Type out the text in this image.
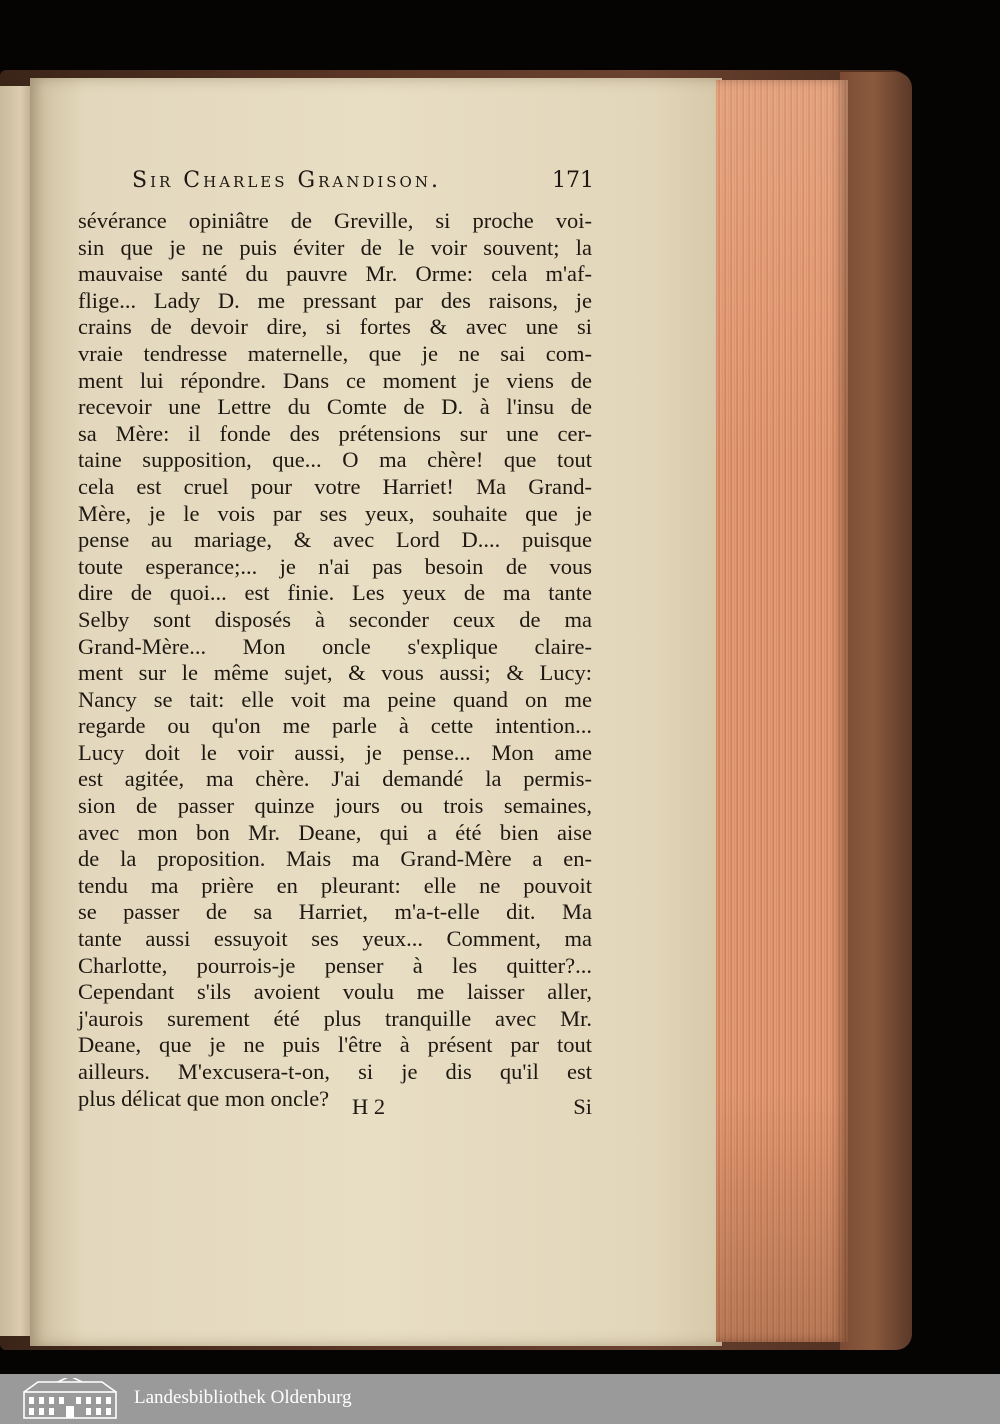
Sir Charles Grandison.	171
sévérance opiniâtre de Greville, si proche voi-
sin que je ne puis éviter de le voir souvent; la
mauvaise santé du pauvre Mr. Orme: cela m'af-
flige... Lady D. me pressant par des raisons, je
crains de devoir dire, si fortes & avec une si
vraie tendresse maternelle, que je ne sai com-
ment lui répondre. Dans ce moment je viens de
recevoir une Lettre du Comte de D. à l'insu de
sa Mère: il fonde des prétensions sur une cer-
taine supposition, que... O ma chère! que tout
cela est cruel pour votre Harriet! Ma Grand-
Mère, je le vois par ses yeux, souhaite que je
pense au mariage, & avec Lord D.... puisque
toute esperance;... je n'ai pas besoin de vous
dire de quoi... est finie. Les yeux de ma tante
Selby sont disposés à seconder ceux de ma
Grand-Mère... Mon oncle s'explique claire-
ment sur le même sujet, & vous aussi; & Lucy:
Nancy se tait: elle voit ma peine quand on me
regarde ou qu'on me parle à cette intention...
Lucy doit le voir aussi, je pense... Mon ame
est agitée, ma chère. J'ai demandé la permis-
sion de passer quinze jours ou trois semaines,
avec mon bon Mr. Deane, qui a été bien aise
de la proposition. Mais ma Grand-Mère a en-
tendu ma prière en pleurant: elle ne pouvoit
se passer de sa Harriet, m'a-t-elle dit. Ma
tante aussi essuyoit ses yeux... Comment, ma
Charlotte, pourrois-je penser à les quitter?...
Cependant s'ils avoient voulu me laisser aller,
j'aurois surement été plus tranquille avec Mr.
Deane, que je ne puis l'être à présent par tout
ailleurs. M'excusera-t-on, si je dis qu'il est
plus délicat que mon oncle?	H 2	Si
Landesbibliothek Oldenburg
